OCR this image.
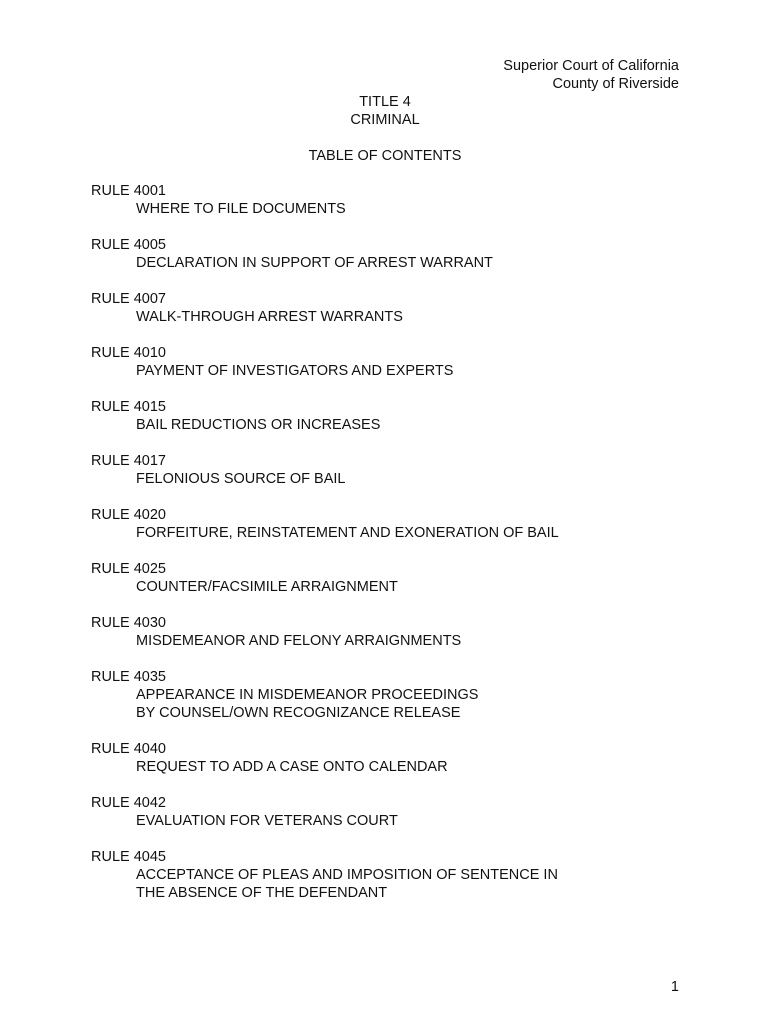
Superior Court of California
County of Riverside
TITLE 4
CRIMINAL
TABLE OF CONTENTS
RULE 4001
WHERE TO FILE DOCUMENTS
RULE 4005
DECLARATION IN SUPPORT OF ARREST WARRANT
RULE 4007
WALK-THROUGH ARREST WARRANTS
RULE 4010
PAYMENT OF INVESTIGATORS AND EXPERTS
RULE 4015
BAIL REDUCTIONS OR INCREASES
RULE 4017
FELONIOUS SOURCE OF BAIL
RULE 4020
FORFEITURE, REINSTATEMENT AND EXONERATION OF BAIL
RULE 4025
COUNTER/FACSIMILE ARRAIGNMENT
RULE 4030
MISDEMEANOR AND FELONY ARRAIGNMENTS
RULE 4035
APPEARANCE IN MISDEMEANOR PROCEEDINGS
BY COUNSEL/OWN RECOGNIZANCE RELEASE
RULE 4040
REQUEST TO ADD A CASE ONTO CALENDAR
RULE 4042
EVALUATION FOR VETERANS COURT
RULE 4045
ACCEPTANCE OF PLEAS AND IMPOSITION OF SENTENCE IN
THE ABSENCE OF THE DEFENDANT
1
